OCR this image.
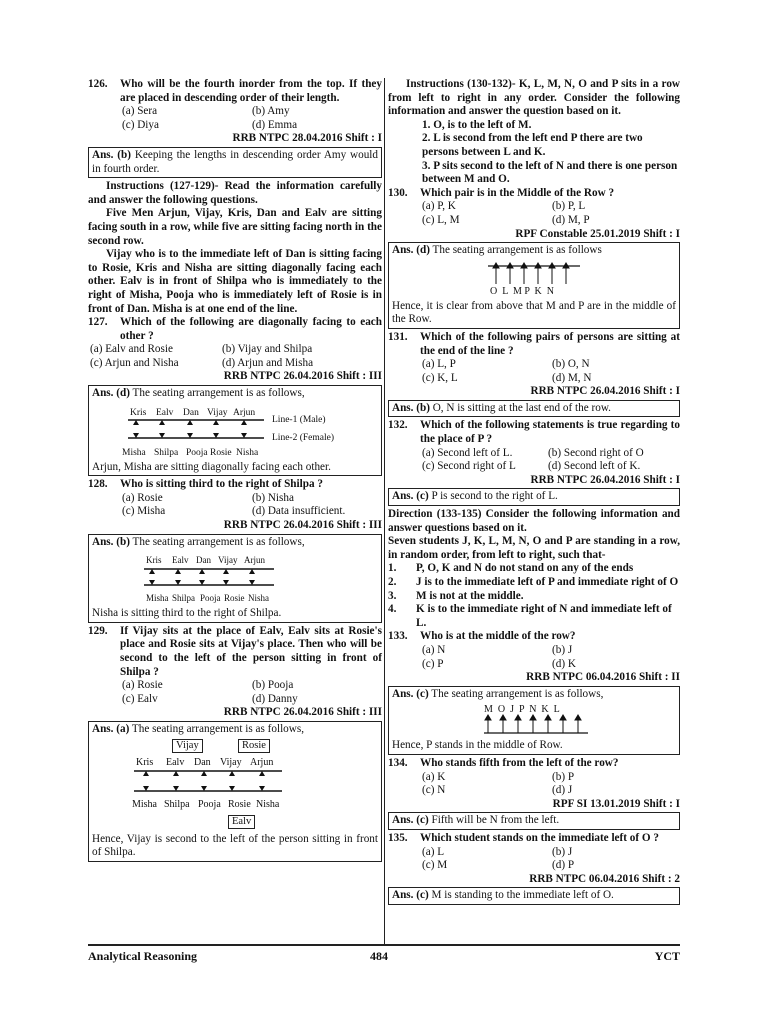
126.	Who will be the fourth inorder from the top. If they are placed in descending order of their length.
(a) Sera	(b) Amy
(c) Diya	(d) Emma
RRB NTPC 28.04.2016 Shift : I
Ans. (b) Keeping the lengths in descending order Amy would in fourth order.
Instructions (127-129)- Read the information carefully and answer the following questions.
Five Men Arjun, Vijay, Kris, Dan and Ealv are sitting facing south in a row, while five are sitting facing north in the second row.
Vijay who is to the immediate left of Dan is sitting facing to Rosie, Kris and Nisha are sitting diagonally facing each other. Ealv is in front of Shilpa who is immediately to the right of Misha, Pooja who is immediately left of Rosie is in front of Dan. Misha is at one end of the line.
127.	Which of the following are diagonally facing to each other ?
(a) Ealv and Rosie	(b) Vijay and Shilpa
(c) Arjun and Nisha	(d) Arjun and Misha
RRB NTPC 26.04.2016 Shift : III
Ans. (d) The seating arrangement is as follows,
Kris Ealv Dan Vijay Arjun
Line-1 (Male)
Line-2 (Female)
Misha Shilpa Pooja Rosie Nisha
Arjun, Misha are sitting diagonally facing each other.
128.	Who is sitting third to the right of Shilpa ?
(a) Rosie	(b) Nisha
(c) Misha	(d) Data insufficient.
RRB NTPC 26.04.2016 Shift : III
Ans. (b) The seating arrangement is as follows,
Kris Ealv Dan Vijay Arjun
Misha Shilpa Pooja Rosie Nisha
Nisha is sitting third to the right of Shilpa.
129.	If Vijay sits at the place of Ealv, Ealv sits at Rosie's place and Rosie sits at Vijay's place. Then who will be second to the left of the person sitting in front of Shilpa ?
(a) Rosie	(b) Pooja
(c) Ealv	(d) Danny
RRB NTPC 26.04.2016 Shift : III
Ans. (a) The seating arrangement is as follows,
Vijay	Rosie
Kris Ealv Dan Vijay Arjun
Misha Shilpa Pooja Rosie Nisha
Ealv
Hence, Vijay is second to the left of the person sitting in front of Shilpa.
Instructions (130-132)- K, L, M, N, O and P sits in a row from left to right in any order. Consider the following information and answer the question based on it.
1. O, is to the left of M.
2. L is second from the left end P there are two persons between L and K.
3. P sits second to the left of N and there is one person between M and O.
130.	Which pair is in the Middle of the Row ?
(a) P, K	(b) P, L
(c) L, M	(d) M, P
RPF Constable 25.01.2019 Shift : I
Ans. (d) The seating arrangement is as follows
O  L  M P  K  N
Hence, it is clear from above that M and P are in the middle of the Row.
131.	Which of the following pairs of persons are sitting at the end of the line ?
(a) L, P	(b) O, N
(c) K, L	(d) M, N
RRB NTPC 26.04.2016 Shift : I
Ans. (b) O, N is sitting at the last end of the row.
132.	Which of the following statements is true regarding to the place of P ?
(a) Second left of L.	(b) Second right of O
(c) Second right of L	(d) Second left of K.
RRB NTPC 26.04.2016 Shift : I
Ans. (c) P is second to the right of L.
Direction (133-135) Consider the following information and answer questions based on it.
Seven students J, K, L, M, N, O and P are standing in a row, in random order, from left to right, such that-
1.	P, O, K and N do not stand on any of the ends
2.	J is to the immediate left of P and immediate right of O
3.	M is not at the middle.
4.	K is to the immediate right of N and immediate left of L.
133.	Who is at the middle of the row?
(a) N	(b) J
(c) P	(d) K
RRB NTPC 06.04.2016 Shift : II
Ans. (c) The seating arrangement is as follows,
M  O  J  P  N  K  L
Hence, P stands in the middle of Row.
134.	Who stands fifth from the left of the row?
(a) K	(b) P
(c) N	(d) J
RPF SI 13.01.2019 Shift : I
Ans. (c) Fifth will be N from the left.
135.	Which student stands on the immediate left of O ?
(a) L	(b) J
(c) M	(d) P
RRB NTPC 06.04.2016 Shift : 2
Ans. (c) M is standing to the immediate left of O.
Analytical Reasoning	484	YCT
